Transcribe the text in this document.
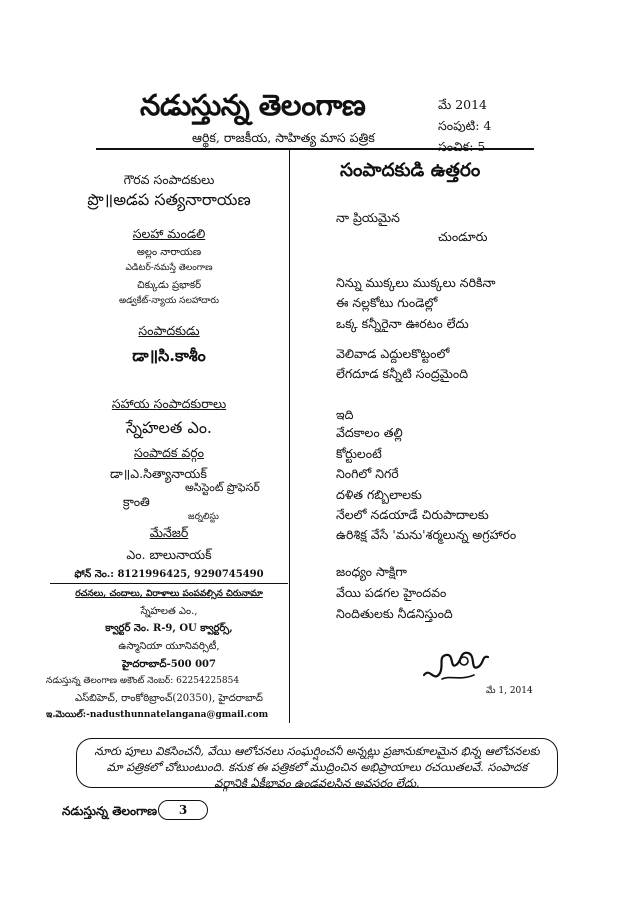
నడుస్తున్న తెలంగాణ
ఆర్థిక, రాజకీయ, సాహిత్య మాస పత్రిక
మే 2014
సంపుటి: 4
సంచిక: 5
గౌరవ సంపాదకులు
ప్రొ॥అడప సత్యనారాయణ
సలహా మండలి
అల్లం నారాయణ
ఎడిటర్-నమస్తే తెలంగాణ
చిక్కుడు ప్రభాకర్
అడ్వకేట్-న్యాయ సలహాదారు
సంపాదకుడు
డా॥సి.కాశీం
సహాయ సంపాదకురాలు
స్నేహలత ఎం.
సంపాదక వర్గం
డా॥ఎ.సిత్యానాయక్
అసిస్టెంట్ ప్రొఫెసర్
క్రాంతి
జర్నలిస్టు
మేనేజర్
ఎం. బాలునాయక్
ఫోన్ నెం.: 8121996425, 9290745490
రచనలు, చందాలు, విరాళాలు పంపవల్సిన చిరునామా
స్నేహలత ఎం.,
క్వార్టర్ నెం. R-9, OU క్వార్టర్స్,
ఉస్మానియా యూనివర్సిటీ,
హైదరాబాద్-500 007
నడుస్తున్న తెలంగాణ అకౌంట్ నెంబర్: 62254225854
ఎస్‌బిహెచ్, రాంకోఠిబ్రాంచ్(20350), హైదరాబాద్
ఇ.మెయిల్:-nadusthunnatelangana@gmail.com
సంపాదకుడి ఉత్తరం
నా ప్రియమైన
చుండూరు
నిన్ను ముక్కలు ముక్కలు నరికినా
ఈ నల్లకోటు గుండెల్లో
ఒక్క కన్నీరైనా ఊరటం లేదు
వెలివాడ ఎద్దులకొట్టంలో
లేగదూడ కన్నీటి సంద్రమైంది
ఇది
వేదకాలం తల్లి
కోర్టులంటే
నింగిలో నిగరే
దళిత గబ్బిలాలకు
నేలలో నడయాడే చిరుపాదాలకు
ఉరిశిక్ష వేసే 'మను'శర్మలున్న అగ్రహారం
జంధ్యం సాక్షిగా
వేయి పడగల హైందవం
నిందితులకు నీడనిస్తుంది
మే 1, 2014
నూరు పూలు వికసించనీ, వేయి ఆలోచనలు సంఘర్షించనీ అన్నట్లు ప్రజానుకూలమైన భిన్న ఆలోచనలకు మా పత్రికలో చోటుంటుంది. కనుక ఈ పత్రికలో ముద్రించిన అభిప్రాయాలు రచయితలవే. సంపాదక వర్గానికి ఏకీభావం ఉండవలసిన అవసరం లేదు.
నడుస్తున్న తెలంగాణ	3
